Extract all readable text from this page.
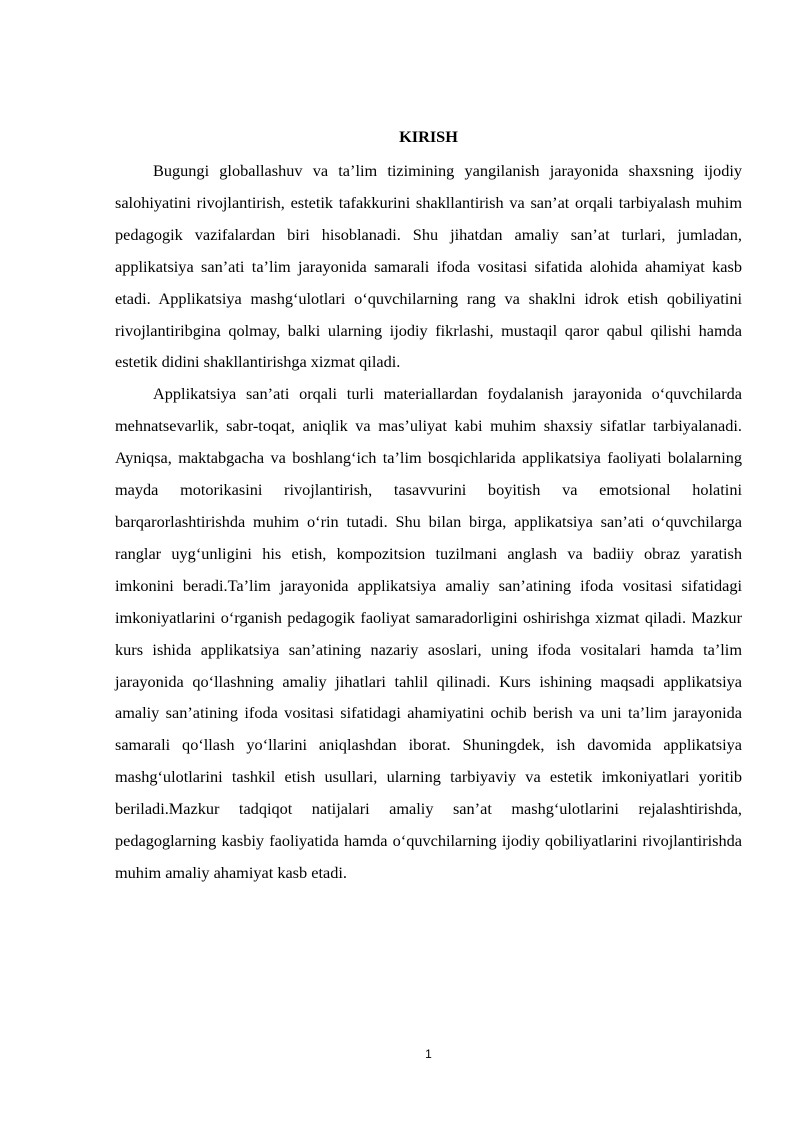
KIRISH

Bugungi globallashuv va ta’lim tizimining yangilanish jarayonida shaxsning ijodiy salohiyatini rivojlantirish, estetik tafakkurini shakllantirish va san’at orqali tarbiyalash muhim pedagogik vazifalardan biri hisoblanadi. Shu jihatdan amaliy san’at turlari, jumladan, applikatsiya san’ati ta’lim jarayonida samarali ifoda vositasi sifatida alohida ahamiyat kasb etadi. Applikatsiya mashg‘ulotlari o‘quvchilarning rang va shaklni idrok etish qobiliyatini rivojlantiribgina qolmay, balki ularning ijodiy fikrlashi, mustaqil qaror qabul qilishi hamda estetik didini shakllantirishga xizmat qiladi.

Applikatsiya san’ati orqali turli materiallardan foydalanish jarayonida o‘quvchilarda mehnatsevarlik, sabr-toqat, aniqlik va mas’uliyat kabi muhim shaxsiy sifatlar tarbiyalanadi. Ayniqsa, maktabgacha va boshlang‘ich ta’lim bosqichlarida applikatsiya faoliyati bolalarning mayda motorikasini rivojlantirish, tasavvurini boyitish va emotsional holatini barqarorlashtirishda muhim o‘rin tutadi. Shu bilan birga, applikatsiya san’ati o‘quvchilarga ranglar uyg‘unligini his etish, kompozitsion tuzilmani anglash va badiiy obraz yaratish imkonini beradi.Ta’lim jarayonida applikatsiya amaliy san’atining ifoda vositasi sifatidagi imkoniyatlarini o‘rganish pedagogik faoliyat samaradorligini oshirishga xizmat qiladi. Mazkur kurs ishida applikatsiya san’atining nazariy asoslari, uning ifoda vositalari hamda ta’lim jarayonida qo‘llashning amaliy jihatlari tahlil qilinadi. Kurs ishining maqsadi applikatsiya amaliy san’atining ifoda vositasi sifatidagi ahamiyatini ochib berish va uni ta’lim jarayonida samarali qo‘llash yo‘llarini aniqlashdan iborat. Shuningdek, ish davomida applikatsiya mashg‘ulotlarini tashkil etish usullari, ularning tarbiyaviy va estetik imkoniyatlari yoritib beriladi.Mazkur tadqiqot natijalari amaliy san’at mashg‘ulotlarini rejalashtirishda, pedagoglarning kasbiy faoliyatida hamda o‘quvchilarning ijodiy qobiliyatlarini rivojlantirishda muhim amaliy ahamiyat kasb etadi.

1
